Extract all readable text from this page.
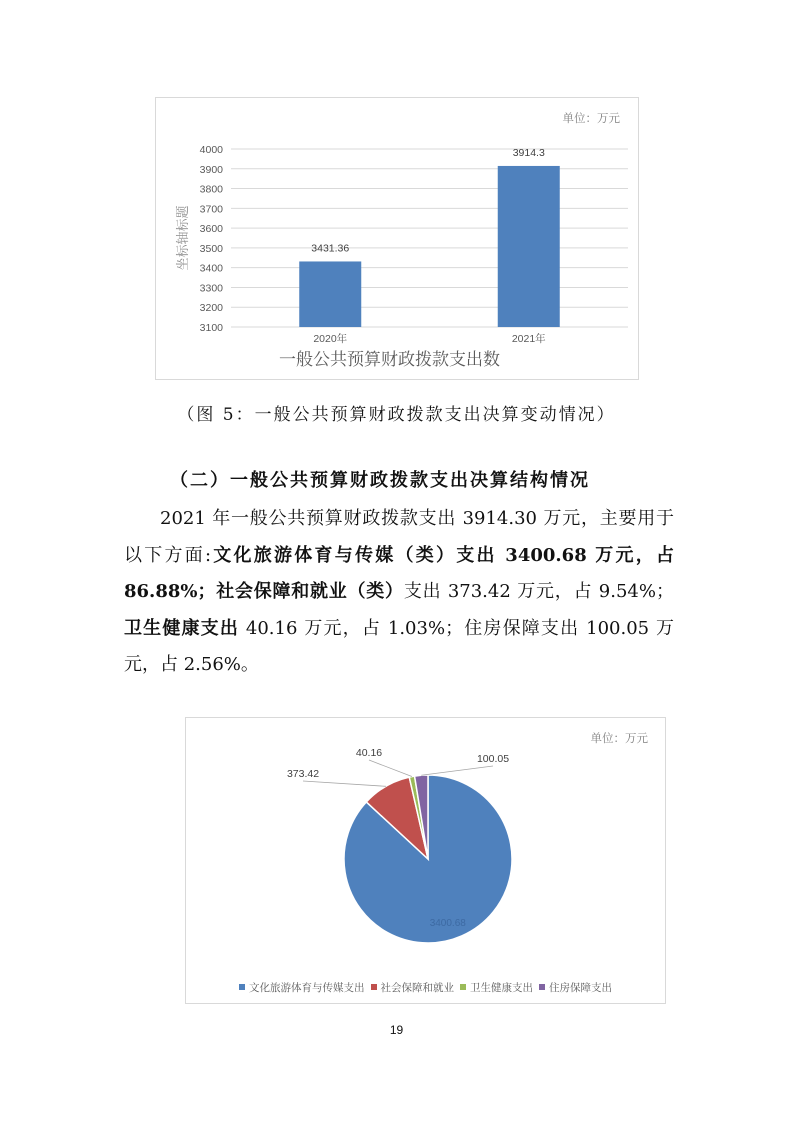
单位：万元
3100
3200
3300
3400
3500
3600
3700
3800
3900
4000
3431.36
2020年
3914.3
2021年
一般公共预算财政拨款支出数
坐标轴标题
（图 5：一般公共预算财政拨款支出决算变动情况）
（二）一般公共预算财政拨款支出决算结构情况
2021 年一般公共预算财政拨款支出 3914.30 万元，主要用于以下方面:文化旅游体育与传媒（类）支出 3400.68 万元，占 86.88%；社会保障和就业（类）支出 373.42 万元，占 9.54%；卫生健康支出 40.16 万元，占 1.03%；住房保障支出 100.05 万元，占 2.56%。
单位：万元
3400.68
373.42
40.16	100.05
文化旅游体育与传媒支出 社会保障和就业 卫生健康支出 住房保障支出
19
